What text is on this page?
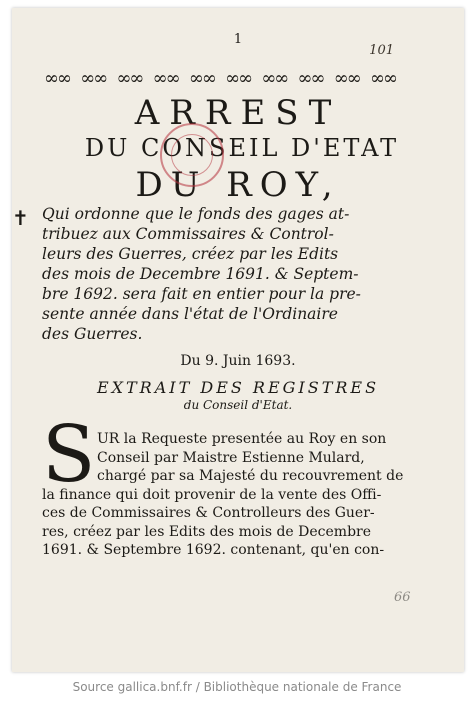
1
101
∞∞ ∞∞ ∞∞ ∞∞ ∞∞ ∞∞ ∞∞ ∞∞ ∞∞ ∞∞
ARREST
DU CONSEIL D'ETAT
DU ROY,
✝ Qui ordonne que le fonds des gages at-
tribuez aux Commissaires & Control-
leurs des Guerres, créez par les Edits
des mois de Decembre 1691. & Septem-
bre 1692. sera fait en entier pour la pre-
sente année dans l'état de l'Ordinaire
des Guerres.
Du 9. Juin 1693.
EXTRAIT DES REGISTRES
du Conseil d'Etat.
S UR la Requeste presentée au Roy en son
Conseil par Maistre Estienne Mulard,
chargé par sa Majesté du recouvrement de
la finance qui doit provenir de la vente des Offi-
ces de Commissaires & Controlleurs des Guer-
res, créez par les Edits des mois de Decembre
1691. & Septembre 1692. contenant, qu'en con-
66
Source gallica.bnf.fr / Bibliothèque nationale de France
